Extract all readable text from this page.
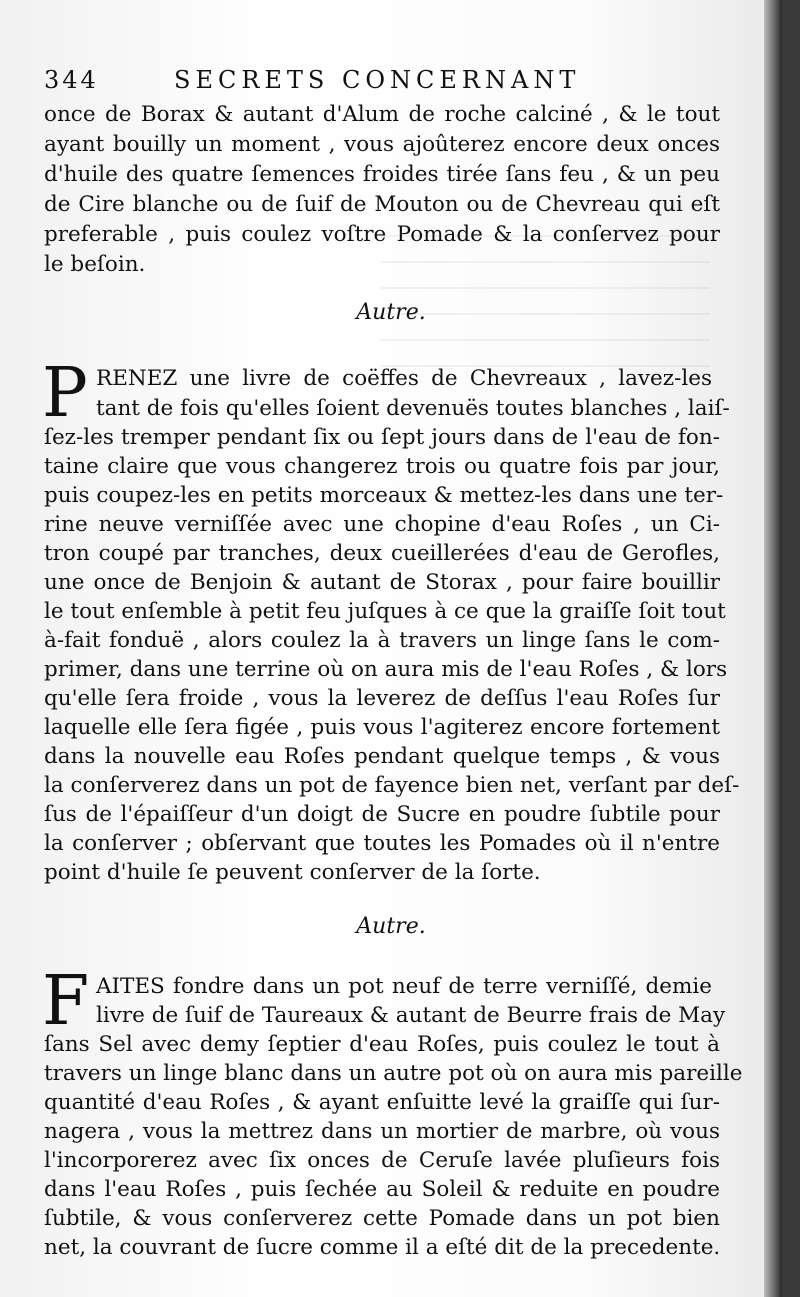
344	SECRETS CONCERNANT
once de Borax & autant d'Alum de roche calciné , & le tout
ayant bouilly un moment , vous ajoûterez encore deux onces
d'huile des quatre ſemences froides tirée ſans feu , & un peu
de Cire blanche ou de ſuif de Mouton ou de Chevreau qui eſt
preferable , puis coulez voſtre Pomade & la conſervez pour
le beſoin.
Autre.
P RENEZ une livre de coëffes de Chevreaux , lavez-les
tant de fois qu'elles ſoient devenuës toutes blanches , laiſ-
ſez-les tremper pendant ſix ou ſept jours dans de l'eau de fon-
taine claire que vous changerez trois ou quatre fois par jour,
puis coupez-les en petits morceaux & mettez-les dans une ter-
rine neuve verniſſée avec une chopine d'eau Roſes , un Ci-
tron coupé par tranches, deux cueillerées d'eau de Gerofles,
une once de Benjoin & autant de Storax , pour faire bouillir
le tout enſemble à petit feu juſques à ce que la graiſſe ſoit tout
à-fait fonduë , alors coulez la à travers un linge ſans le com-
primer, dans une terrine où on aura mis de l'eau Roſes , & lors
qu'elle ſera froide , vous la leverez de deſſus l'eau Roſes ſur
laquelle elle ſera figée , puis vous l'agiterez encore fortement
dans la nouvelle eau Roſes pendant quelque temps , & vous
la conſerverez dans un pot de fayence bien net, verſant par deſ-
ſus de l'épaiſſeur d'un doigt de Sucre en poudre ſubtile pour
la conſerver ; obſervant que toutes les Pomades où il n'entre
point d'huile ſe peuvent conſerver de la ſorte.
Autre.
F AITES fondre dans un pot neuf de terre verniſſé, demie
livre de ſuif de Taureaux & autant de Beurre frais de May
ſans Sel avec demy ſeptier d'eau Roſes, puis coulez le tout à
travers un linge blanc dans un autre pot où on aura mis pareille
quantité d'eau Roſes , & ayant enſuitte levé la graiſſe qui ſur-
nagera , vous la mettrez dans un mortier de marbre, où vous
l'incorporerez avec ſix onces de Ceruſe lavée pluſieurs fois
dans l'eau Roſes , puis ſechée au Soleil & reduite en poudre
ſubtile, & vous conſerverez cette Pomade dans un pot bien
net, la couvrant de ſucre comme il a eſté dit de la precedente.
